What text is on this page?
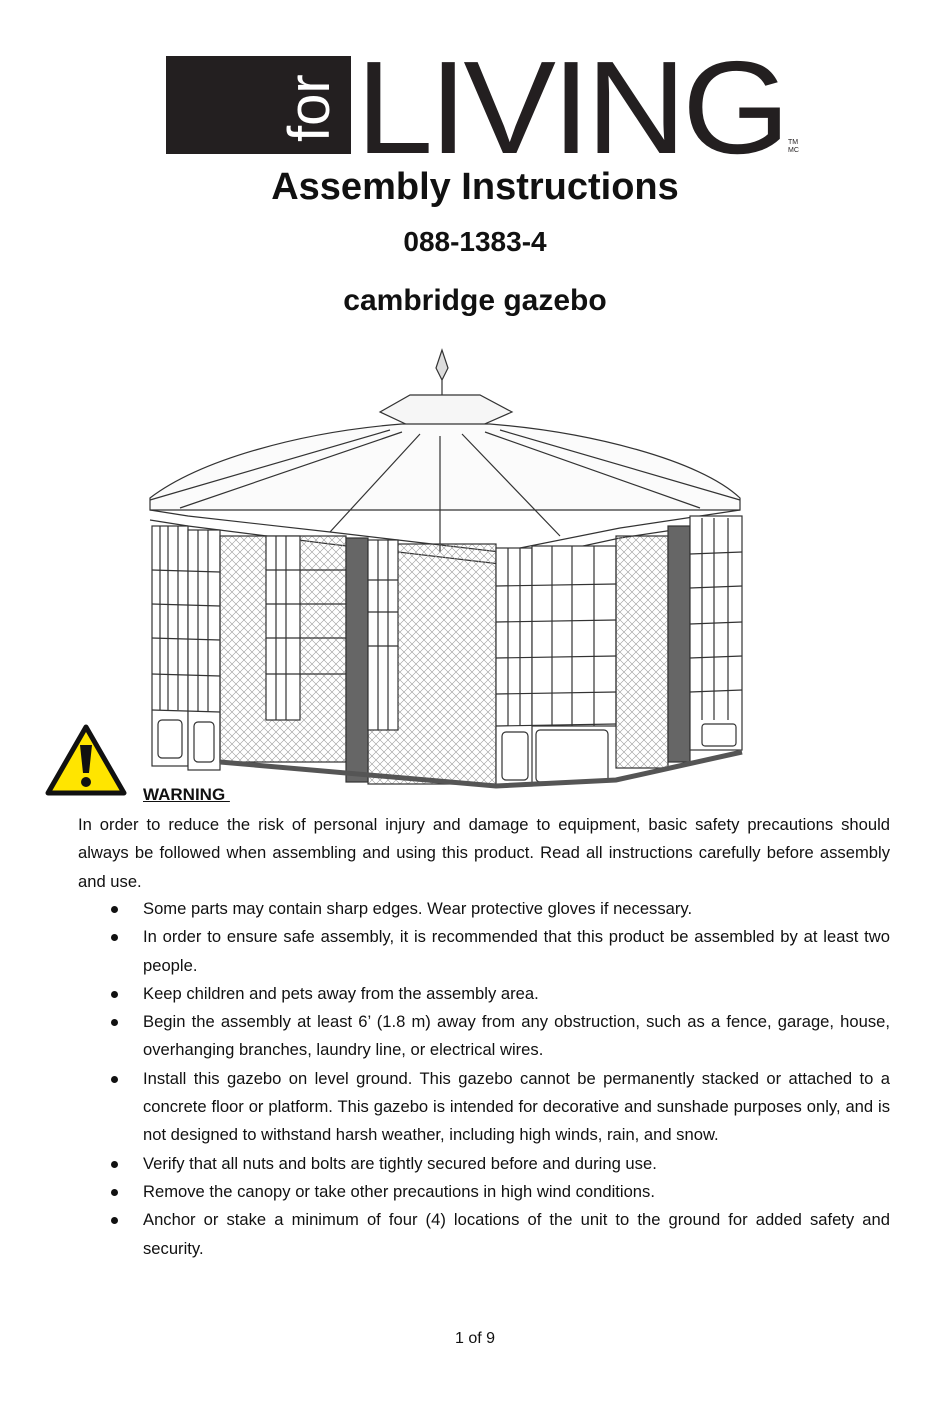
for LIVING TM
MC
Assembly Instructions
088-1383-4
cambridge gazebo
WARNING
In order to reduce the risk of personal injury and damage to equipment, basic safety precautions should always be followed when assembling and using this product. Read all instructions carefully before assembly and use.
Some parts may contain sharp edges. Wear protective gloves if necessary.
In order to ensure safe assembly, it is recommended that this product be assembled by at least two people.
Keep children and pets away from the assembly area.
Begin the assembly at least 6’ (1.8 m) away from any obstruction, such as a fence, garage, house, overhanging branches, laundry line, or electrical wires.
Install this gazebo on level ground. This gazebo cannot be permanently stacked or attached to a concrete floor or platform. This gazebo is intended for decorative and sunshade purposes only, and is not designed to withstand harsh weather, including high winds, rain, and snow.
Verify that all nuts and bolts are tightly secured before and during use.
Remove the canopy or take other precautions in high wind conditions.
Anchor or stake a minimum of four (4) locations of the unit to the ground for added safety and security.
1 of 9
